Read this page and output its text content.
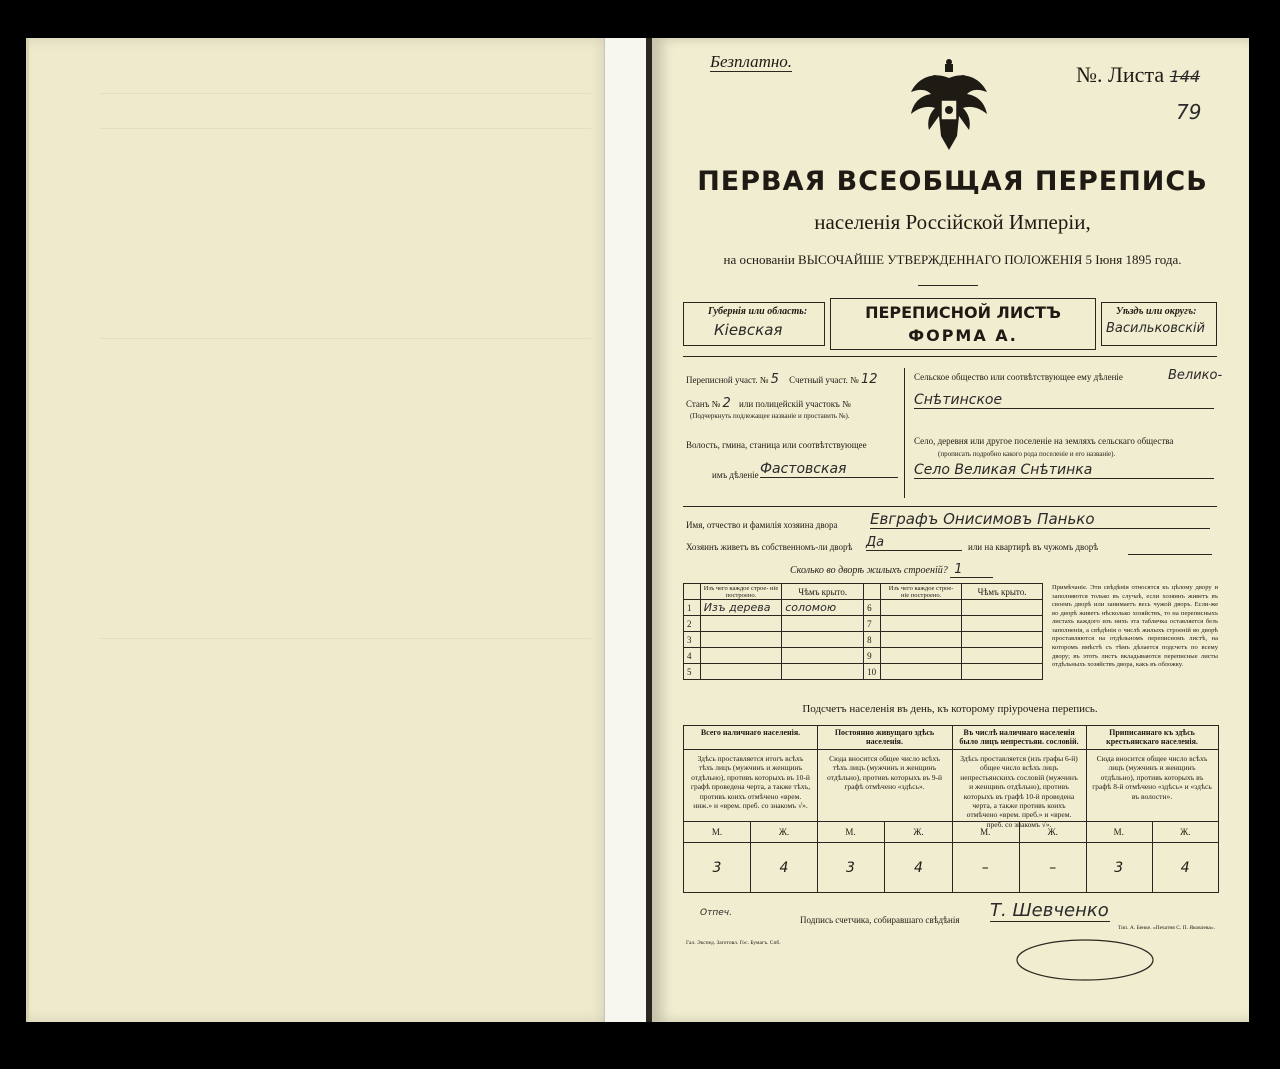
Безплатно.
№. Листа 144
79
ПЕРВАЯ ВСЕОБЩАЯ ПЕРЕПИСЬ
населенія Россійской Имперіи,
на основаніи ВЫСОЧАЙШЕ УТВЕРЖДЕННАГО ПОЛОЖЕНІЯ 5 Іюня 1895 года.
Губернія или область:
Кіевская
ПЕРЕПИСНОЙ ЛИСТЪ
ФОРМА А.
Уѣздъ или округъ:
Васильковскій
Переписной участ. № 5 Счетный участ. № 12
Станъ № 2 или полицейскій участокъ №
(Подчеркнуть подлежащее названіе и проставить №).
Волость, гмина, станица или соотвѣтствующее
имъ дѣленіе Фастовская
Сельское общество или соотвѣтствующее ему дѣленіе	Велико-
Снѣтинское
Село, деревня или другое поселеніе на земляхъ сельскаго общества
(прописать подробно какого рода поселеніе и его названіе).
Село Великая Снѣтинка
Имя, отчество и фамилія хозяина двора Евграфъ Онисимовъ Панько
Хозяинъ живетъ въ собственномъ-ли дворѣ Да	или на квартирѣ въ чужомъ дворѣ
Сколько во дворѣ жилыхъ строеній? 1
	Изъ чего каждое строе- ніе построено.	Чѣмъ крыто.		Изъ чего каждое строе- ніе построено.	Чѣмъ крыто.
1	Изъ дерева	соломою	6		
2			7		
3			8		
4			9		
5			10		
Примѣчаніе. Эти свѣдѣнія относятся къ цѣлому двору и заполняются только въ случаѣ, если хозяинъ живетъ въ своемъ дворѣ или занимаетъ весь чужой дворъ. Если-же во дворѣ живетъ нѣсколько хозяйствъ, то на переписныхъ листахъ каждого изъ нихъ эта табличка оставляется безъ заполненія, а свѣдѣнія о числѣ жилыхъ строеній во дворѣ проставляются на отдѣльномъ переписномъ листѣ, на которомъ вмѣстѣ съ тѣмъ дѣлается подсчетъ по всему двору; въ этотъ листъ вкладываются переписные листы отдѣльныхъ хозяйствъ двора, какъ въ обложку.
Подсчетъ населенія въ день, къ которому пріурочена перепись.
Всего наличнаго населенія.
Здѣсь проставляется итогъ всѣхъ тѣхъ лицъ (мужчинъ и женщинъ отдѣльно), противъ которыхъ въ 10-й графѣ проведена черта, а также тѣхъ, противъ коихъ отмѣчено «врем. ниж.» и «врем. преб. со знакомъ √».
М.	Ж.
3	4
Постоянно живущаго здѣсь населенія.
Сюда вносится общее число всѣхъ тѣхъ лицъ (мужчинъ и женщинъ отдѣльно), противъ которыхъ въ 9-й графѣ отмѣчено «здѣсь».
М.	Ж.
3	4
Въ числѣ наличнаго населенія было лицъ непрестьян. сословій.
Здѣсь проставляется (изъ графы 6-й) общее число всѣхъ лицъ непрестьянскихъ сословій (мужчинъ и женщинъ отдѣльно), противъ которыхъ въ графѣ 10-й проведена черта, а также противъ коихъ отмѣчено «врем. преб.» и «врем. преб. со знакомъ √».
М.	Ж.
–	–
Приписаннаго къ здѣсь крестьянскаго населенія.
Сюда вносится общее число всѣхъ лицъ (мужчинъ и женщинъ отдѣльно), противъ которыхъ въ графѣ 8-й отмѣчено «здѣсь» и «здѣсь въ волости».
М.	Ж.
3	4
Отпеч.
Подпись счетчика, собиравшаго свѣдѣнія Т. Шевченко
Гал. Экспед. Заготовл. Гос. Бумагъ. Спб.
Тип. А. Бенке. «Печатня С. П. Яковлева».
